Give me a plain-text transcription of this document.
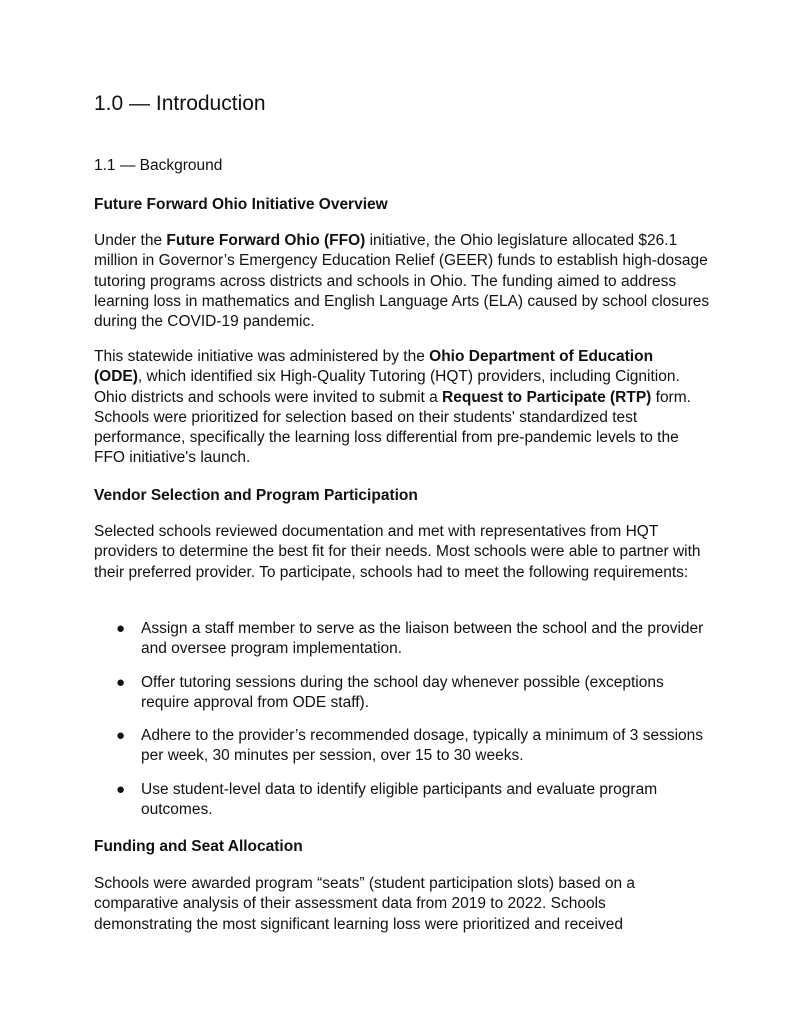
1.0 — Introduction
1.1 — Background

Future Forward Ohio Initiative Overview

Under the Future Forward Ohio (FFO) initiative, the Ohio legislature allocated $26.1 million in Governor’s Emergency Education Relief (GEER) funds to establish high-dosage tutoring programs across districts and schools in Ohio. The funding aimed to address learning loss in mathematics and English Language Arts (ELA) caused by school closures during the COVID-19 pandemic.

This statewide initiative was administered by the Ohio Department of Education (ODE), which identified six High-Quality Tutoring (HQT) providers, including Cignition. Ohio districts and schools were invited to submit a Request to Participate (RTP) form. Schools were prioritized for selection based on their students' standardized test performance, specifically the learning loss differential from pre-pandemic levels to the FFO initiative's launch.

Vendor Selection and Program Participation

Selected schools reviewed documentation and met with representatives from HQT providers to determine the best fit for their needs. Most schools were able to partner with their preferred provider. To participate, schools had to meet the following requirements:

● Assign a staff member to serve as the liaison between the school and the provider and oversee program implementation.
● Offer tutoring sessions during the school day whenever possible (exceptions require approval from ODE staff).
● Adhere to the provider’s recommended dosage, typically a minimum of 3 sessions per week, 30 minutes per session, over 15 to 30 weeks.
● Use student-level data to identify eligible participants and evaluate program outcomes.

Funding and Seat Allocation

Schools were awarded program “seats” (student participation slots) based on a comparative analysis of their assessment data from 2019 to 2022. Schools demonstrating the most significant learning loss were prioritized and received
